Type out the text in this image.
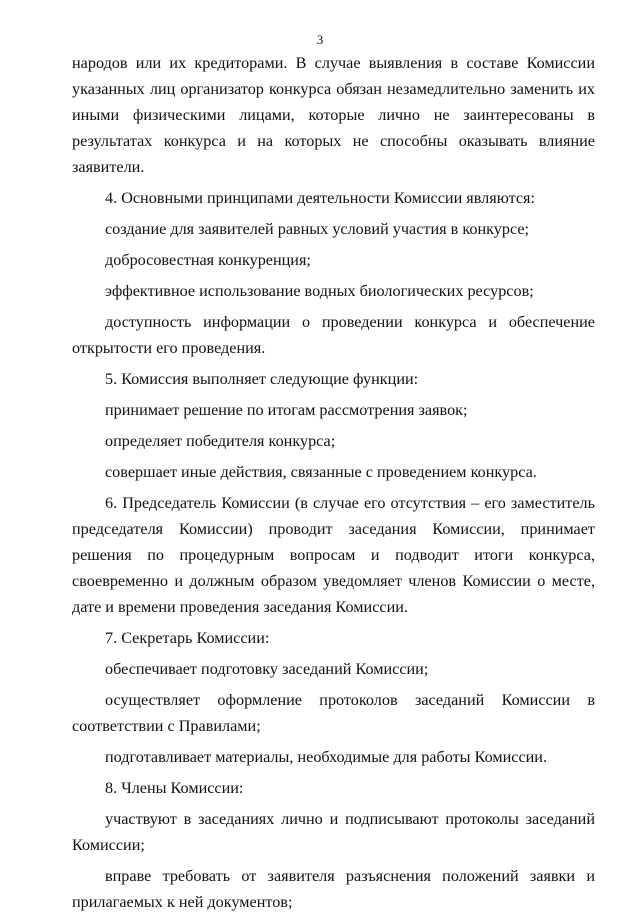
3

народов или их кредиторами. В случае выявления в составе Комиссии указанных лиц организатор конкурса обязан незамедлительно заменить их иными физическими лицами, которые лично не заинтересованы в результатах конкурса и на которых не способны оказывать влияние заявители.

4. Основными принципами деятельности Комиссии являются:

создание для заявителей равных условий участия в конкурсе;

добросовестная конкуренция;

эффективное использование водных биологических ресурсов;

доступность информации о проведении конкурса и обеспечение открытости его проведения.

5. Комиссия выполняет следующие функции:

принимает решение по итогам рассмотрения заявок;

определяет победителя конкурса;

совершает иные действия, связанные с проведением конкурса.

6. Председатель Комиссии (в случае его отсутствия – его заместитель председателя Комиссии) проводит заседания Комиссии, принимает решения по процедурным вопросам и подводит итоги конкурса, своевременно и должным образом уведомляет членов Комиссии о месте, дате и времени проведения заседания Комиссии.

7. Секретарь Комиссии:

обеспечивает подготовку заседаний Комиссии;

осуществляет оформление протоколов заседаний Комиссии в соответствии с Правилами;

подготавливает материалы, необходимые для работы Комиссии.

8. Члены Комиссии:

участвуют в заседаниях лично и подписывают протоколы заседаний Комиссии;

вправе требовать от заявителя разъяснения положений заявки и прилагаемых к ней документов;
